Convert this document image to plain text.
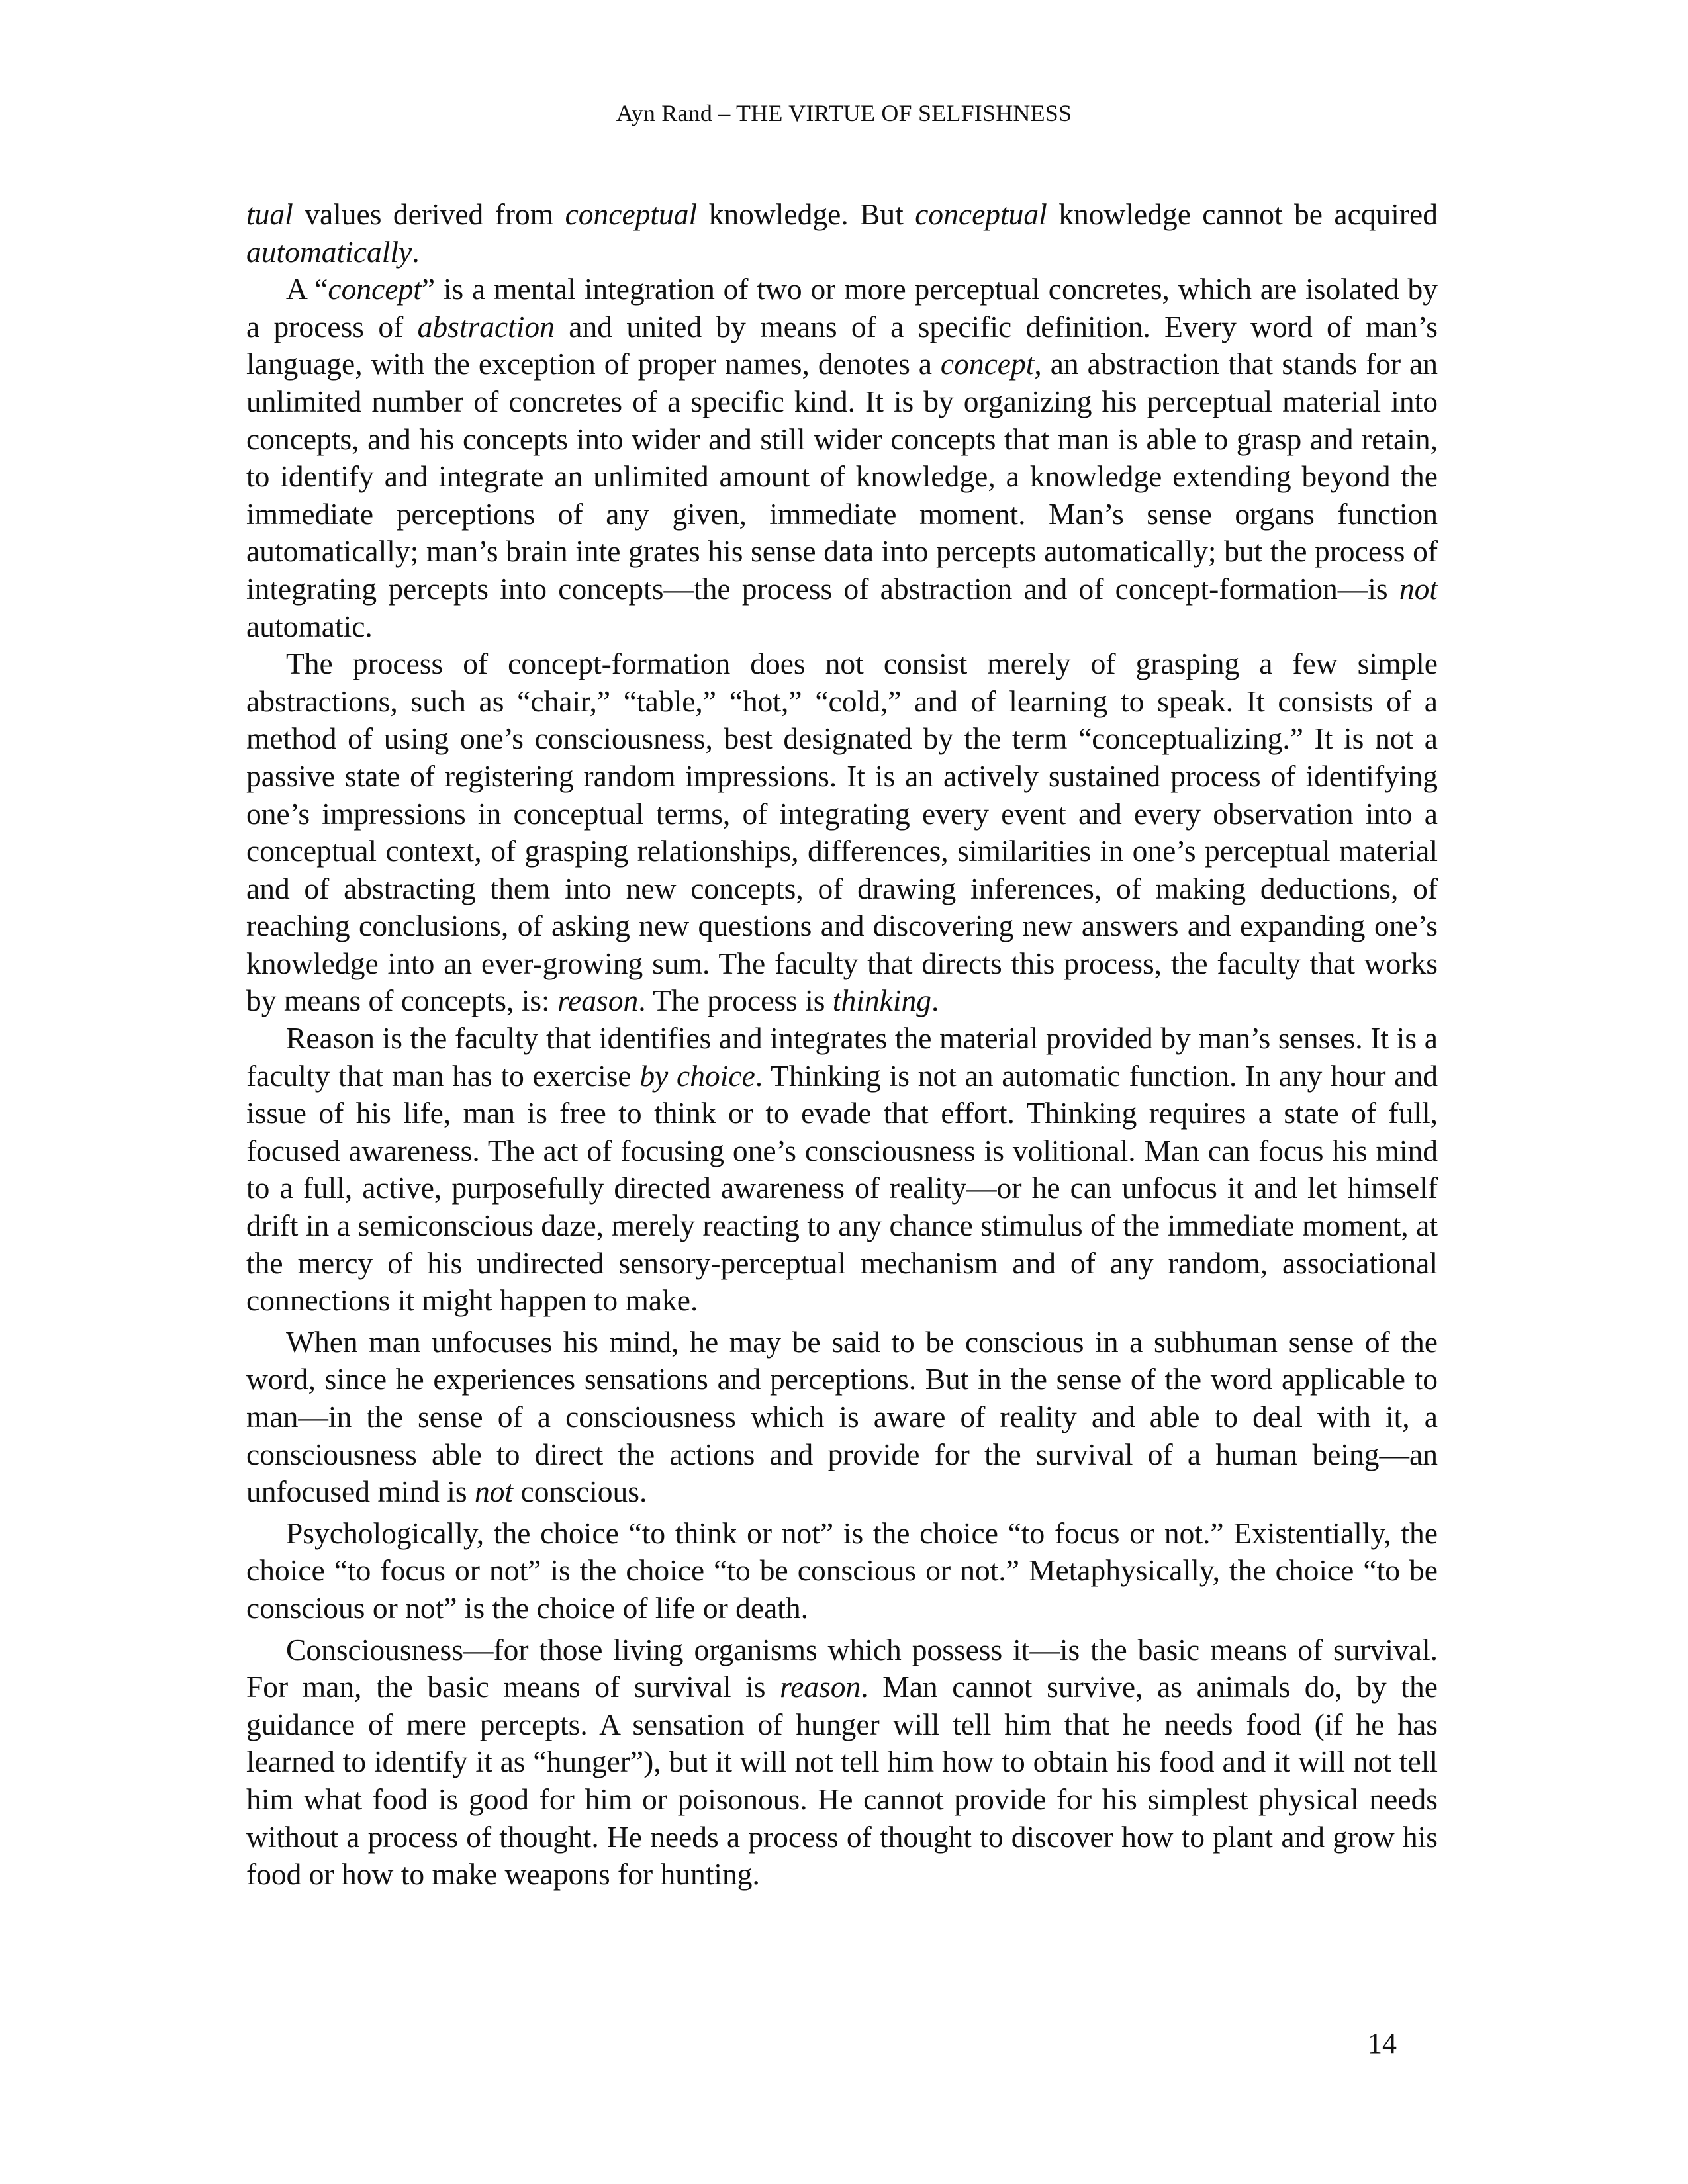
Ayn Rand – THE VIRTUE OF SELFISHNESS

tual values derived from conceptual knowledge. But conceptual knowledge cannot be acquired automatically.

A “concept” is a mental integration of two or more perceptual concretes, which are isolated by a process of abstraction and united by means of a specific definition. Every word of man’s language, with the exception of proper names, denotes a concept, an abstraction that stands for an unlimited number of concretes of a specific kind. It is by organizing his perceptual material into concepts, and his concepts into wider and still wider concepts that man is able to grasp and retain, to identify and integrate an unlimited amount of knowledge, a knowledge extending beyond the immediate perceptions of any given, immediate moment. Man’s sense organs function automatically; man’s brain inte grates his sense data into percepts automatically; but the process of integrating percepts into concepts—the process of abstraction and of concept-formation—is not automatic.

The process of concept-formation does not consist merely of grasping a few simple abstractions, such as “chair,” “table,” “hot,” “cold,” and of learning to speak. It consists of a method of using one’s consciousness, best designated by the term “conceptualizing.” It is not a passive state of registering random impressions. It is an actively sustained process of identifying one’s impressions in conceptual terms, of integrating every event and every observation into a conceptual context, of grasping relationships, differences, similarities in one’s perceptual material and of abstracting them into new concepts, of drawing inferences, of making deductions, of reaching conclusions, of asking new questions and discovering new answers and expanding one’s knowledge into an ever-growing sum. The faculty that directs this process, the faculty that works by means of concepts, is: reason. The process is thinking.

Reason is the faculty that identifies and integrates the material provided by man’s senses. It is a faculty that man has to exercise by choice. Thinking is not an automatic function. In any hour and issue of his life, man is free to think or to evade that effort. Thinking requires a state of full, focused awareness. The act of focusing one’s consciousness is volitional. Man can focus his mind to a full, active, purposefully directed awareness of reality—or he can unfocus it and let himself drift in a semiconscious daze, merely reacting to any chance stimulus of the immediate moment, at the mercy of his undirected sensory-perceptual mechanism and of any random, associational connections it might happen to make.

When man unfocuses his mind, he may be said to be conscious in a subhuman sense of the word, since he experiences sensations and perceptions. But in the sense of the word applicable to man—in the sense of a consciousness which is aware of reality and able to deal with it, a consciousness able to direct the actions and provide for the survival of a human being—an unfocused mind is not conscious.

Psychologically, the choice “to think or not” is the choice “to focus or not.” Existentially, the choice “to focus or not” is the choice “to be conscious or not.” Metaphysically, the choice “to be conscious or not” is the choice of life or death.

Consciousness—for those living organisms which possess it—is the basic means of survival. For man, the basic means of survival is reason. Man cannot survive, as animals do, by the guidance of mere percepts. A sensation of hunger will tell him that he needs food (if he has learned to identify it as “hunger”), but it will not tell him how to obtain his food and it will not tell him what food is good for him or poisonous. He cannot provide for his simplest physical needs without a process of thought. He needs a process of thought to discover how to plant and grow his food or how to make weapons for hunting.

14
